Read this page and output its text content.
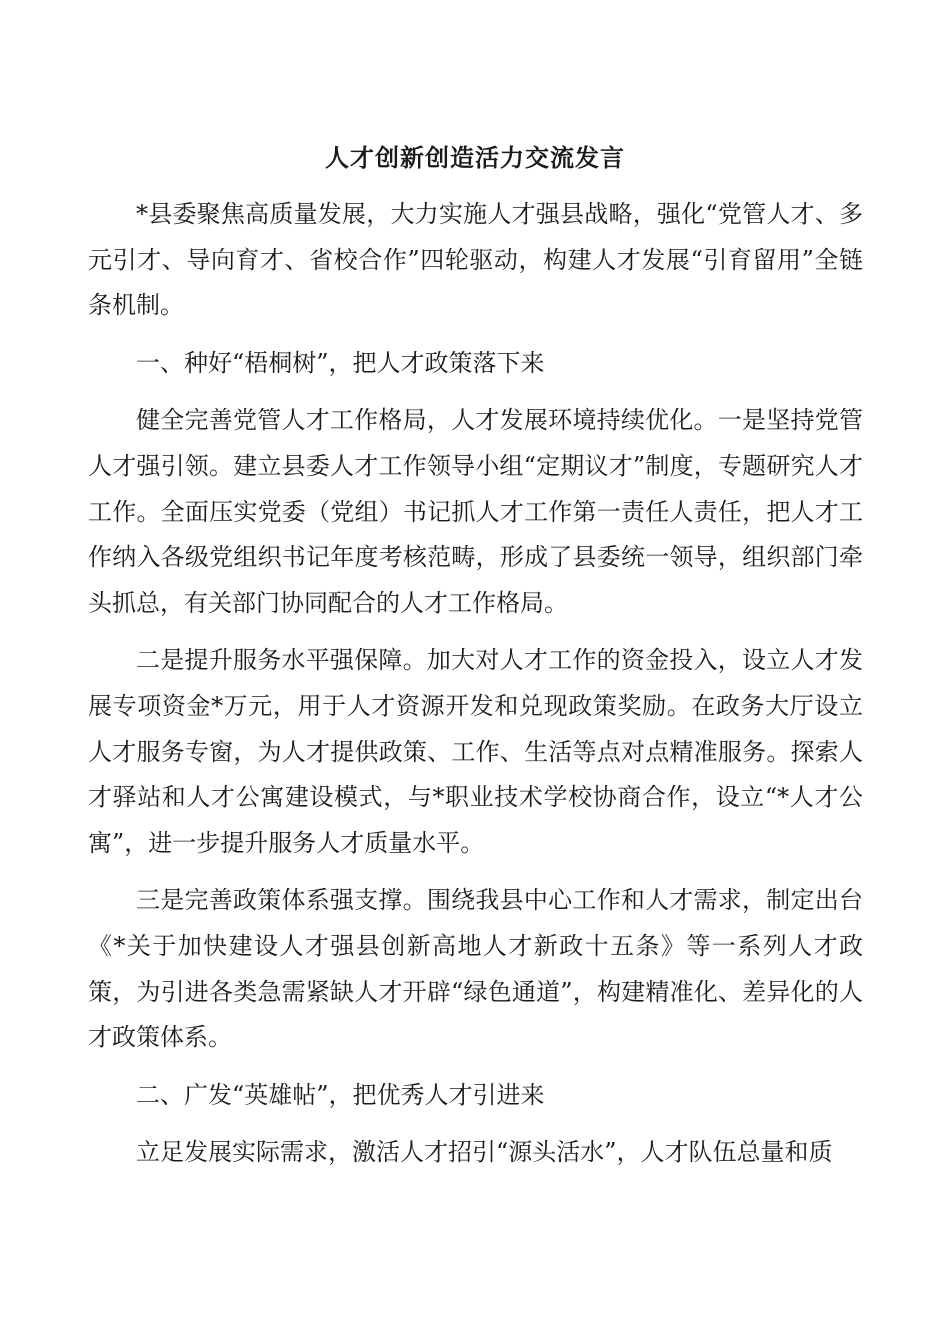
人才创新创造活力交流发言

*县委聚焦高质量发展，大力实施人才强县战略，强化“党管人才、多元引才、导向育才、省校合作”四轮驱动，构建人才发展“引育留用”全链条机制。

一、种好“梧桐树”，把人才政策落下来

健全完善党管人才工作格局，人才发展环境持续优化。一是坚持党管人才强引领。建立县委人才工作领导小组“定期议才”制度，专题研究人才工作。全面压实党委（党组）书记抓人才工作第一责任人责任，把人才工作纳入各级党组织书记年度考核范畴，形成了县委统一领导，组织部门牵头抓总，有关部门协同配合的人才工作格局。

二是提升服务水平强保障。加大对人才工作的资金投入，设立人才发展专项资金*万元，用于人才资源开发和兑现政策奖励。在政务大厅设立人才服务专窗，为人才提供政策、工作、生活等点对点精准服务。探索人才驿站和人才公寓建设模式，与*职业技术学校协商合作，设立“*人才公寓”，进一步提升服务人才质量水平。

三是完善政策体系强支撑。围绕我县中心工作和人才需求，制定出台《*关于加快建设人才强县创新高地人才新政十五条》等一系列人才政策，为引进各类急需紧缺人才开辟“绿色通道”，构建精准化、差异化的人才政策体系。

二、广发“英雄帖”，把优秀人才引进来

立足发展实际需求，激活人才招引“源头活水”，人才队伍总量和质
